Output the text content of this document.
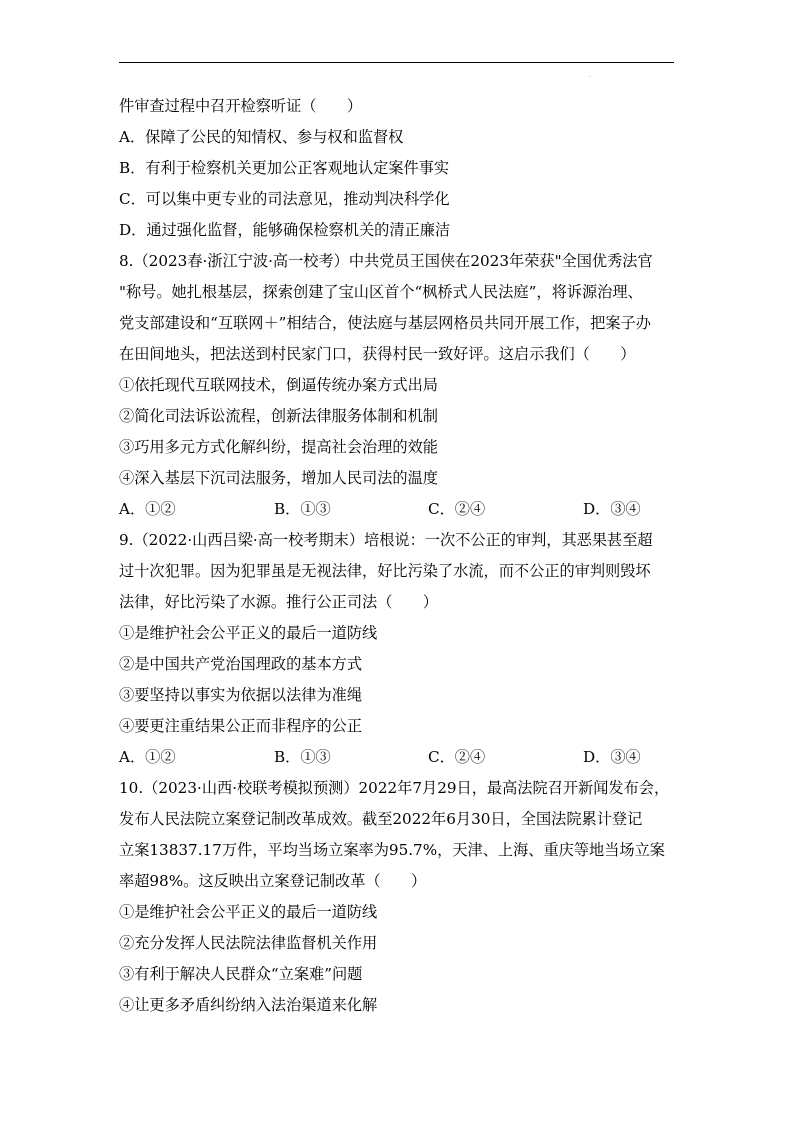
·
件审查过程中召开检察听证（　　）
A．保障了公民的知情权、参与权和监督权
B．有利于检察机关更加公正客观地认定案件事实
C．可以集中更专业的司法意见，推动判决科学化
D．通过强化监督，能够确保检察机关的清正廉洁
8.（2023春·浙江宁波·高一校考）中共党员王国侠在2023年荣获"全国优秀法官
"称号。她扎根基层，探索创建了宝山区首个“枫桥式人民法庭”，将诉源治理、
党支部建设和“互联网＋”相结合，使法庭与基层网格员共同开展工作，把案子办
在田间地头，把法送到村民家门口，获得村民一致好评。这启示我们（　　）
①依托现代互联网技术，倒逼传统办案方式出局
②简化司法诉讼流程，创新法律服务体制和机制
③巧用多元方式化解纠纷，提高社会治理的效能
④深入基层下沉司法服务，增加人民司法的温度
A．①②	B．①③	C．②④	D．③④
9.（2022·山西吕梁·高一校考期末）培根说：一次不公正的审判，其恶果甚至超
过十次犯罪。因为犯罪虽是无视法律，好比污染了水流，而不公正的审判则毁坏
法律，好比污染了水源。推行公正司法（　　）
①是维护社会公平正义的最后一道防线
②是中国共产党治国理政的基本方式
③要坚持以事实为依据以法律为准绳
④要更注重结果公正而非程序的公正
A．①②	B．①③	C．②④	D．③④
10.（2023·山西·校联考模拟预测）2022年7月29日，最高法院召开新闻发布会，
发布人民法院立案登记制改革成效。截至2022年6月30日，全国法院累计登记
立案13837.17万件，平均当场立案率为95.7%，天津、上海、重庆等地当场立案
率超98%。这反映出立案登记制改革（　　）
①是维护社会公平正义的最后一道防线
②充分发挥人民法院法律监督机关作用
③有利于解决人民群众“立案难”问题
④让更多矛盾纠纷纳入法治渠道来化解
